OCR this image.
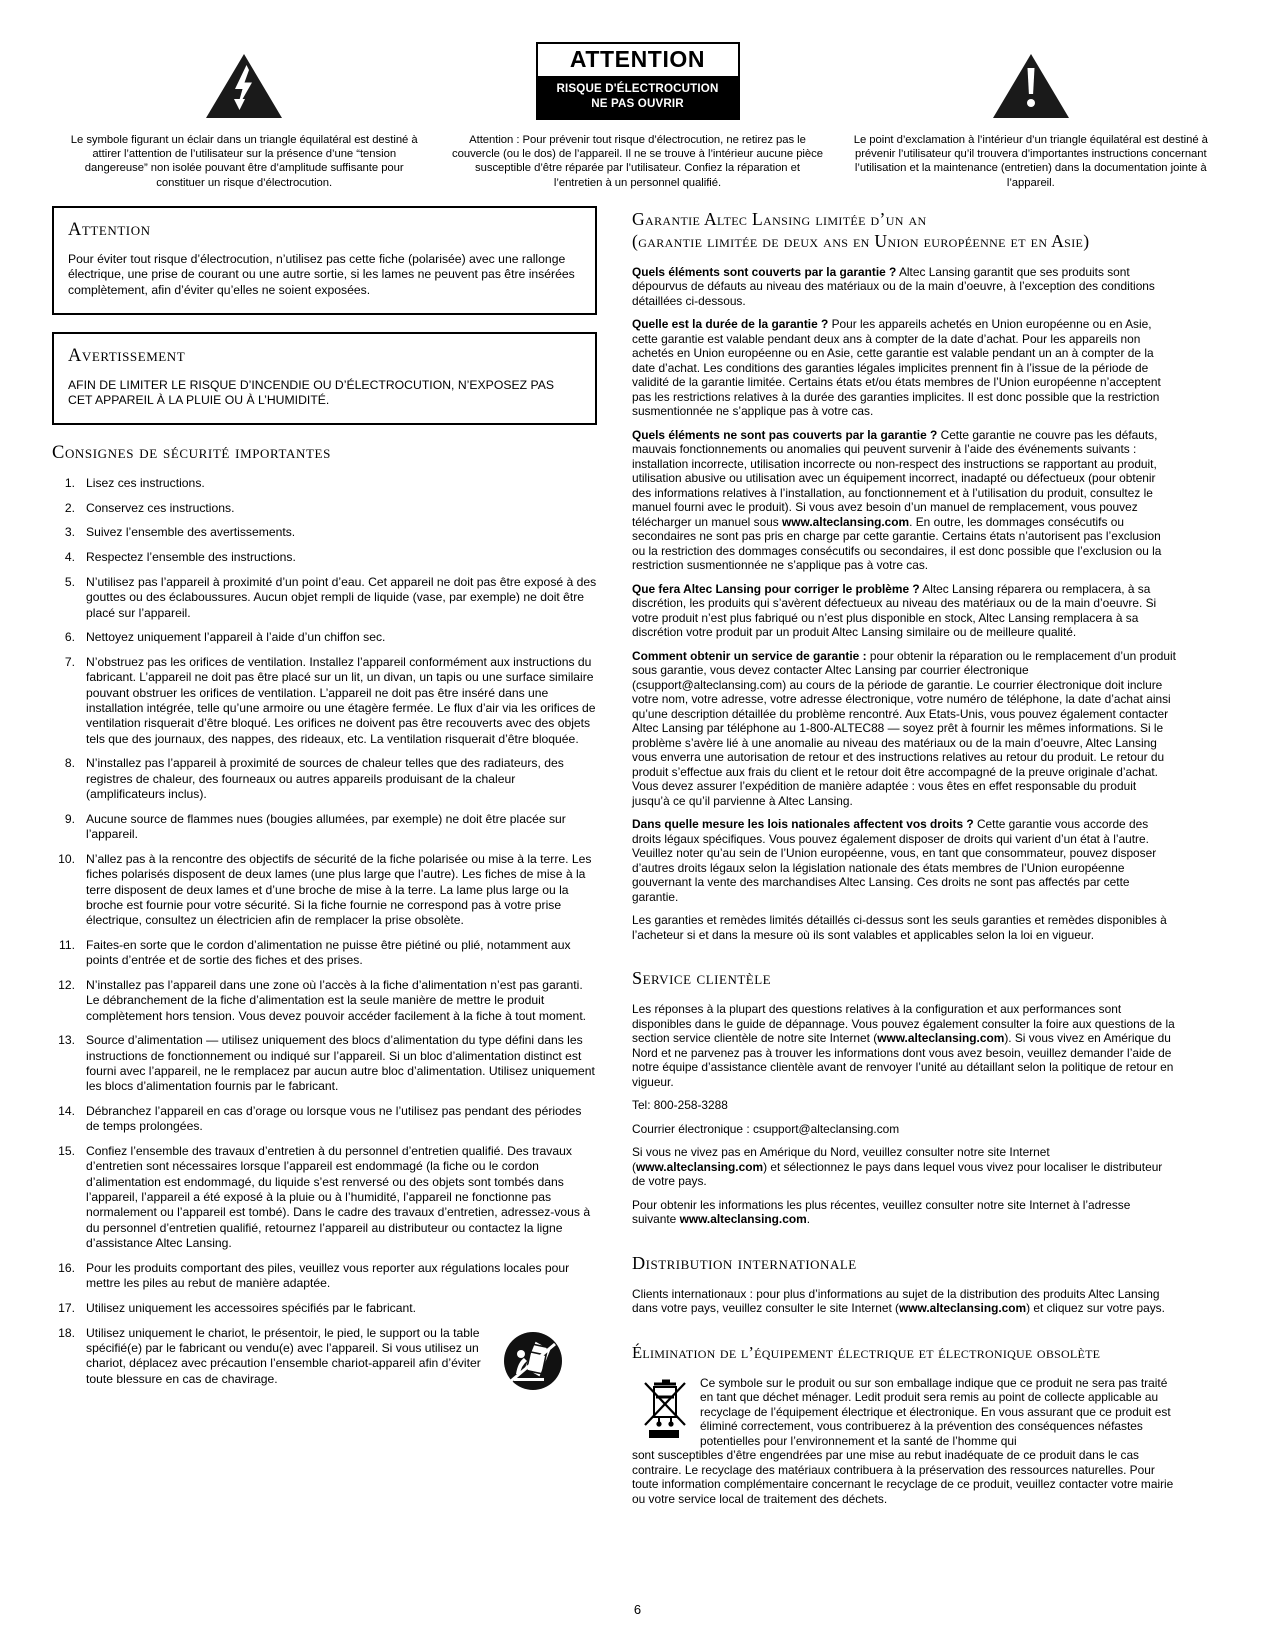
Le symbole figurant un éclair dans un triangle équilatéral est destiné à attirer l’attention de l’utilisateur sur la présence d’une “tension dangereuse” non isolée pouvant être d’amplitude suffisante pour constituer un risque d’électrocution.
ATTENTION
RISQUE D'ÉLECTROCUTION
NE PAS OUVRIR
Attention : Pour prévenir tout risque d’électrocution, ne retirez pas le couvercle (ou le dos) de l’appareil. Il ne se trouve à l’intérieur aucune pièce susceptible d’être réparée par l’utilisateur. Confiez la réparation et l’entretien à un personnel qualifié.
Le point d’exclamation à l’intérieur d’un triangle équilatéral est destiné à prévenir l’utilisateur qu’il trouvera d’importantes instructions concernant l’utilisation et la maintenance (entretien) dans la documentation jointe à l’appareil.
Attention
Pour éviter tout risque d’électrocution, n’utilisez pas cette fiche (polarisée) avec une rallonge électrique, une prise de courant ou une autre sortie, si les lames ne peuvent pas être insérées complètement, afin d’éviter qu’elles ne soient exposées.
Avertissement
AFIN DE LIMITER LE RISQUE D’INCENDIE OU D’ÉLECTROCUTION, N’EXPOSEZ PAS CET APPAREIL À LA PLUIE OU À L’HUMIDITÉ.
Consignes de sécurité importantes
1. Lisez ces instructions.
2. Conservez ces instructions.
3. Suivez l’ensemble des avertissements.
4. Respectez l’ensemble des instructions.
5. N’utilisez pas l’appareil à proximité d’un point d’eau. Cet appareil ne doit pas être exposé à des gouttes ou des éclaboussures. Aucun objet rempli de liquide (vase, par exemple) ne doit être placé sur l’appareil.
6. Nettoyez uniquement l’appareil à l’aide d’un chiffon sec.
7. N’obstruez pas les orifices de ventilation. Installez l’appareil conformément aux instructions du fabricant. L’appareil ne doit pas être placé sur un lit, un divan, un tapis ou une surface similaire pouvant obstruer les orifices de ventilation. L’appareil ne doit pas être inséré dans une installation intégrée, telle qu’une armoire ou une étagère fermée. Le flux d’air via les orifices de ventilation risquerait d’être bloqué. Les orifices ne doivent pas être recouverts avec des objets tels que des journaux, des nappes, des rideaux, etc. La ventilation risquerait d’être bloquée.
8. N’installez pas l’appareil à proximité de sources de chaleur telles que des radiateurs, des registres de chaleur, des fourneaux ou autres appareils produisant de la chaleur (amplificateurs inclus).
9. Aucune source de flammes nues (bougies allumées, par exemple) ne doit être placée sur l’appareil.
10. N’allez pas à la rencontre des objectifs de sécurité de la fiche polarisée ou mise à la terre. Les fiches polarisés disposent de deux lames (une plus large que l’autre). Les fiches de mise à la terre disposent de deux lames et d’une broche de mise à la terre. La lame plus large ou la broche est fournie pour votre sécurité. Si la fiche fournie ne correspond pas à votre prise électrique, consultez un électricien afin de remplacer la prise obsolète.
11. Faites-en sorte que le cordon d’alimentation ne puisse être piétiné ou plié, notamment aux points d’entrée et de sortie des fiches et des prises.
12. N’installez pas l’appareil dans une zone où l’accès à la fiche d’alimentation n’est pas garanti. Le débranchement de la fiche d’alimentation est la seule manière de mettre le produit complètement hors tension. Vous devez pouvoir accéder facilement à la fiche à tout moment.
13. Source d’alimentation — utilisez uniquement des blocs d’alimentation du type défini dans les instructions de fonctionnement ou indiqué sur l’appareil. Si un bloc d’alimentation distinct est fourni avec l’appareil, ne le remplacez par aucun autre bloc d’alimentation. Utilisez uniquement les blocs d’alimentation fournis par le fabricant.
14. Débranchez l’appareil en cas d’orage ou lorsque vous ne l’utilisez pas pendant des périodes de temps prolongées.
15. Confiez l’ensemble des travaux d’entretien à du personnel d’entretien qualifié. Des travaux d’entretien sont nécessaires lorsque l’appareil est endommagé (la fiche ou le cordon d’alimentation est endommagé, du liquide s’est renversé ou des objets sont tombés dans l’appareil, l’appareil a été exposé à la pluie ou à l’humidité, l’appareil ne fonctionne pas normalement ou l’appareil est tombé). Dans le cadre des travaux d’entretien, adressez-vous à du personnel d’entretien qualifié, retournez l’appareil au distributeur ou contactez la ligne d’assistance Altec Lansing.
16. Pour les produits comportant des piles, veuillez vous reporter aux régulations locales pour mettre les piles au rebut de manière adaptée.
17. Utilisez uniquement les accessoires spécifiés par le fabricant.
18. Utilisez uniquement le chariot, le présentoir, le pied, le support ou la table spécifié(e) par le fabricant ou vendu(e) avec l’appareil. Si vous utilisez un chariot, déplacez avec précaution l’ensemble chariot-appareil afin d’éviter toute blessure en cas de chavirage.
Garantie Altec Lansing limitée d’un an
(garantie limitée de deux ans en Union européenne et en Asie)

Quels éléments sont couverts par la garantie ? Altec Lansing garantit que ses produits sont dépourvus de défauts au niveau des matériaux ou de la main d’oeuvre, à l’exception des conditions détaillées ci-dessous.

Quelle est la durée de la garantie ? Pour les appareils achetés en Union européenne ou en Asie, cette garantie est valable pendant deux ans à compter de la date d’achat. Pour les appareils non achetés en Union européenne ou en Asie, cette garantie est valable pendant un an à compter de la date d’achat. Les conditions des garanties légales implicites prennent fin à l’issue de la période de validité de la garantie limitée. Certains états et/ou états membres de l’Union européenne n’acceptent pas les restrictions relatives à la durée des garanties implicites. Il est donc possible que la restriction susmentionnée ne s’applique pas à votre cas.

Quels éléments ne sont pas couverts par la garantie ? Cette garantie ne couvre pas les défauts, mauvais fonctionnements ou anomalies qui peuvent survenir à l’aide des événements suivants : installation incorrecte, utilisation incorrecte ou non-respect des instructions se rapportant au produit, utilisation abusive ou utilisation avec un équipement incorrect, inadapté ou défectueux (pour obtenir des informations relatives à l’installation, au fonctionnement et à l’utilisation du produit, consultez le manuel fourni avec le produit). Si vous avez besoin d’un manuel de remplacement, vous pouvez télécharger un manuel sous www.alteclansing.com. En outre, les dommages consécutifs ou secondaires ne sont pas pris en charge par cette garantie. Certains états n’autorisent pas l’exclusion ou la restriction des dommages consécutifs ou secondaires, il est donc possible que l’exclusion ou la restriction susmentionnée ne s’applique pas à votre cas.

Que fera Altec Lansing pour corriger le problème ? Altec Lansing réparera ou remplacera, à sa discrétion, les produits qui s’avèrent défectueux au niveau des matériaux ou de la main d’oeuvre. Si votre produit n’est plus fabriqué ou n’est plus disponible en stock, Altec Lansing remplacera à sa discrétion votre produit par un produit Altec Lansing similaire ou de meilleure qualité.

Comment obtenir un service de garantie : pour obtenir la réparation ou le remplacement d’un produit sous garantie, vous devez contacter Altec Lansing par courrier électronique (csupport@alteclansing.com) au cours de la période de garantie. Le courrier électronique doit inclure votre nom, votre adresse, votre adresse électronique, votre numéro de téléphone, la date d’achat ainsi qu’une description détaillée du problème rencontré. Aux Etats-Unis, vous pouvez également contacter Altec Lansing par téléphone au 1-800-ALTEC88 — soyez prêt à fournir les mêmes informations. Si le problème s’avère lié à une anomalie au niveau des matériaux ou de la main d’oeuvre, Altec Lansing vous enverra une autorisation de retour et des instructions relatives au retour du produit. Le retour du produit s’effectue aux frais du client et le retour doit être accompagné de la preuve originale d’achat. Vous devez assurer l’expédition de manière adaptée : vous êtes en effet responsable du produit jusqu’à ce qu’il parvienne à Altec Lansing.

Dans quelle mesure les lois nationales affectent vos droits ? Cette garantie vous accorde des droits légaux spécifiques. Vous pouvez également disposer de droits qui varient d’un état à l’autre. Veuillez noter qu’au sein de l’Union européenne, vous, en tant que consommateur, pouvez disposer d’autres droits légaux selon la législation nationale des états membres de l’Union européenne gouvernant la vente des marchandises Altec Lansing. Ces droits ne sont pas affectés par cette garantie.

Les garanties et remèdes limités détaillés ci-dessus sont les seuls garanties et remèdes disponibles à l’acheteur si et dans la mesure où ils sont valables et applicables selon la loi en vigueur.

Service clientèle

Les réponses à la plupart des questions relatives à la configuration et aux performances sont disponibles dans le guide de dépannage. Vous pouvez également consulter la foire aux questions de la section service clientèle de notre site Internet (www.alteclansing.com). Si vous vivez en Amérique du Nord et ne parvenez pas à trouver les informations dont vous avez besoin, veuillez demander l’aide de notre équipe d’assistance clientèle avant de renvoyer l’unité au détaillant selon la politique de retour en vigueur.

Tel: 800-258-3288

Courrier électronique : csupport@alteclansing.com

Si vous ne vivez pas en Amérique du Nord, veuillez consulter notre site Internet (www.alteclansing.com) et sélectionnez le pays dans lequel vous vivez pour localiser le distributeur de votre pays.

Pour obtenir les informations les plus récentes, veuillez consulter notre site Internet à l’adresse suivante www.alteclansing.com.

Distribution internationale

Clients internationaux : pour plus d’informations au sujet de la distribution des produits Altec Lansing dans votre pays, veuillez consulter le site Internet (www.alteclansing.com) et cliquez sur votre pays.

Élimination de l’équipement électrique et électronique obsolète
Ce symbole sur le produit ou sur son emballage indique que ce produit ne sera pas traité en tant que déchet ménager. Ledit produit sera remis au point de collecte applicable au recyclage de l’équipement électrique et électronique. En vous assurant que ce produit est éliminé correctement, vous contribuerez à la prévention des conséquences néfastes potentielles pour l’environnement et la santé de l’homme qui
sont susceptibles d’être engendrées par une mise au rebut inadéquate de ce produit dans le cas contraire. Le recyclage des matériaux contribuera à la préservation des ressources naturelles. Pour toute information complémentaire concernant le recyclage de ce produit, veuillez contacter votre mairie ou votre service local de traitement des déchets.
6
